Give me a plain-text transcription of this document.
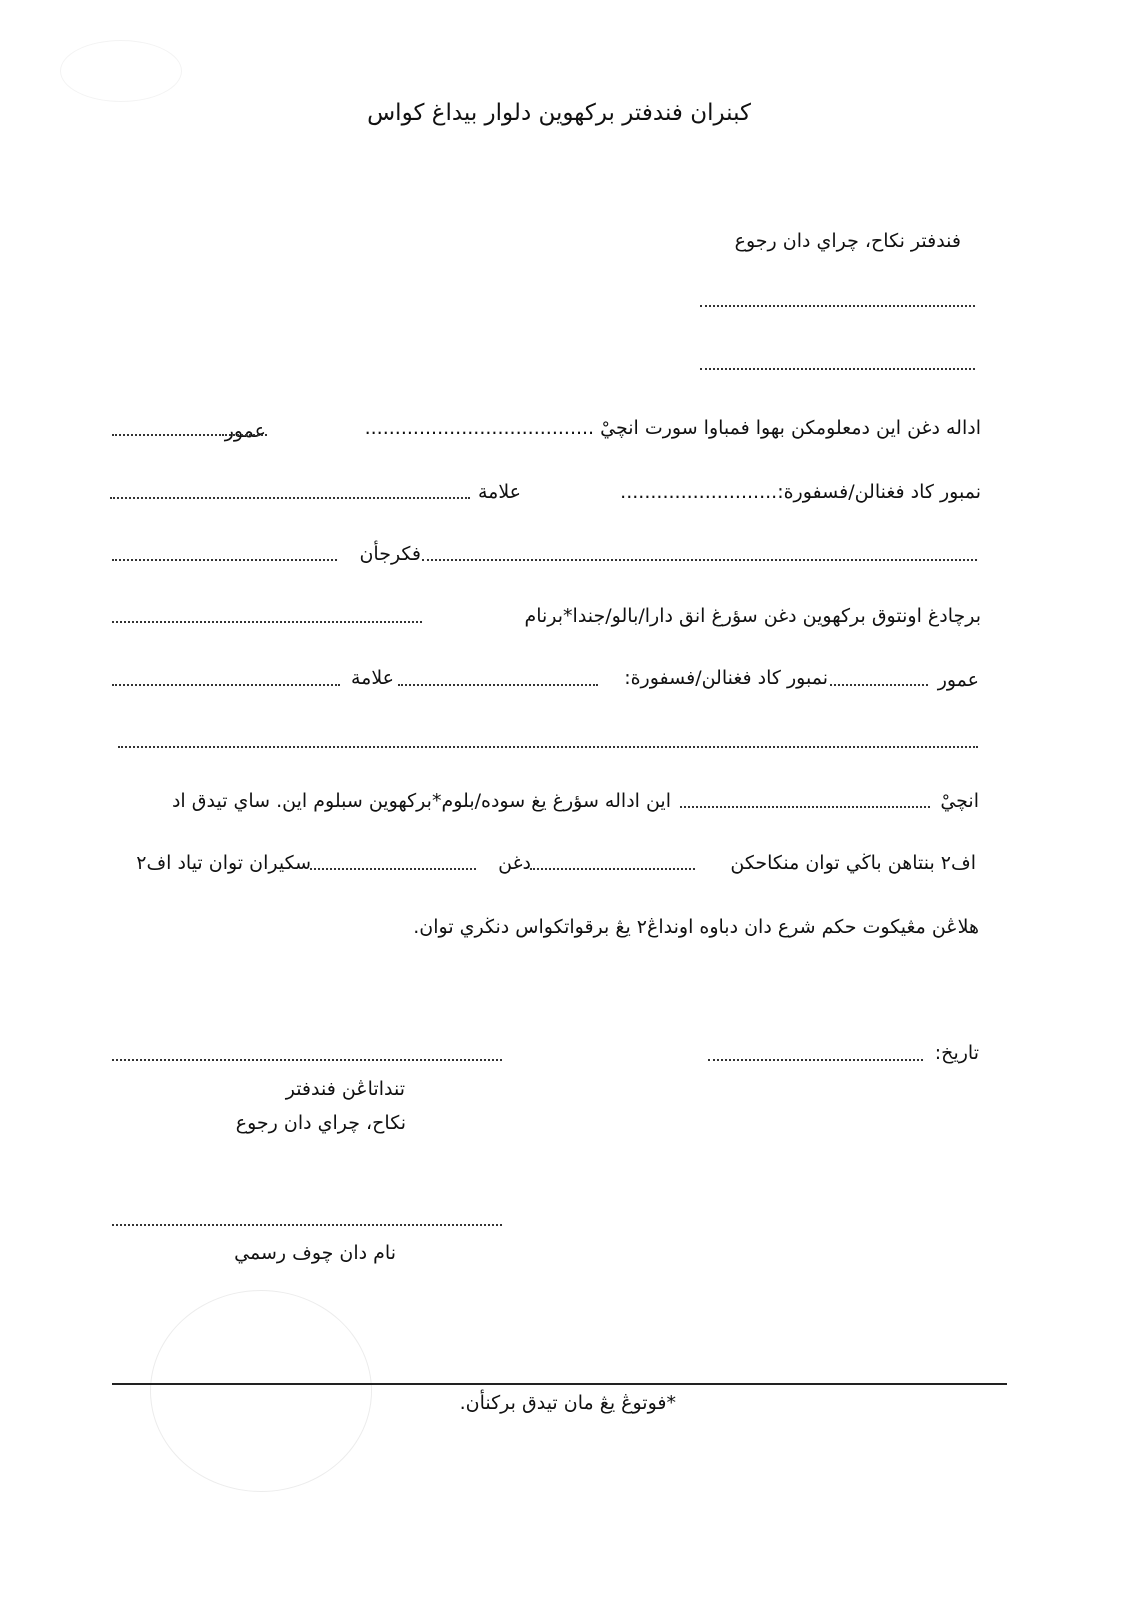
كبنران فندفتر بركهوين دلوار بيداغ كواس
فندفتر نكاح، چراي دان رجوع
اداله دغن اين دمعلومكن بهوا فمباوا سورت انچيْ ......................................
عمور
نمبور كاد فغنالن/فسفورة:..........................
علامة
فكرجأن
برچادغ اونتوق بركهوين دغن سؤرغ انق دارا/بالو/جندا*برنام
عمور
نمبور كاد فغنالن/فسفورة:
علامة
انچيْ
اين اداله سؤرغ يغ سوده/بلوم*بركهوين سبلوم اين. ساي تيدق اد
اف٢ بنتاهن باڬي توان منكاحكن
دغن
سكيران توان تياد اف٢
هلاڠن مڠيكوت حكم شرع دان دباوه اونداڠ٢ يڠ برقواتكواس دنڬري توان.
تاريخ:
تنداتاڠن فندفتر
نكاح، چراي دان رجوع
نام دان چوف رسمي
*فوتوڠ يڠ مان تيدق بركنأن.
